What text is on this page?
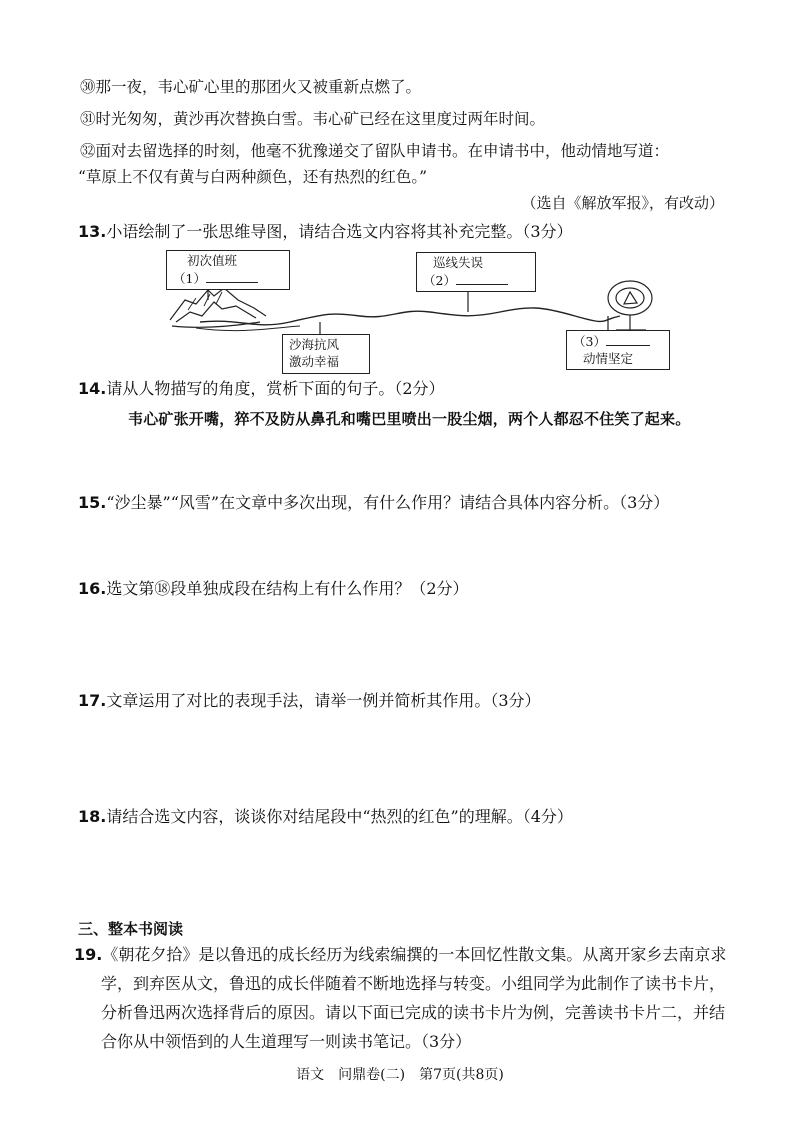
㉚那一夜，韦心矿心里的那团火又被重新点燃了。
㉛时光匆匆，黄沙再次替换白雪。韦心矿已经在这里度过两年时间。
㉜面对去留选择的时刻，他毫不犹豫递交了留队申请书。在申请书中，他动情地写道：
“草原上不仅有黄与白两种颜色，还有热烈的红色。”
（选自《解放军报》，有改动）
13.小语绘制了一张思维导图，请结合选文内容将其补充完整。（3分）
初次值班
（1）
巡线失误
（2）
沙海抗风
激动幸福
（3）
动情坚定
14.请从人物描写的角度，赏析下面的句子。（2分）
韦心矿张开嘴，猝不及防从鼻孔和嘴巴里喷出一股尘烟，两个人都忍不住笑了起来。
15.“沙尘暴”“风雪”在文章中多次出现，有什么作用？请结合具体内容分析。（3分）
16.选文第⑱段单独成段在结构上有什么作用？（2分）
17.文章运用了对比的表现手法，请举一例并简析其作用。（3分）
18.请结合选文内容，谈谈你对结尾段中“热烈的红色”的理解。（4分）
三、整本书阅读
19.《朝花夕拾》是以鲁迅的成长经历为线索编撰的一本回忆性散文集。从离开家乡去南京求
学，到弃医从文，鲁迅的成长伴随着不断地选择与转变。小组同学为此制作了读书卡片，
分析鲁迅两次选择背后的原因。请以下面已完成的读书卡片为例，完善读书卡片二，并结
合你从中领悟到的人生道理写一则读书笔记。（3分）
语文　问鼎卷(二)　第7页(共8页)
